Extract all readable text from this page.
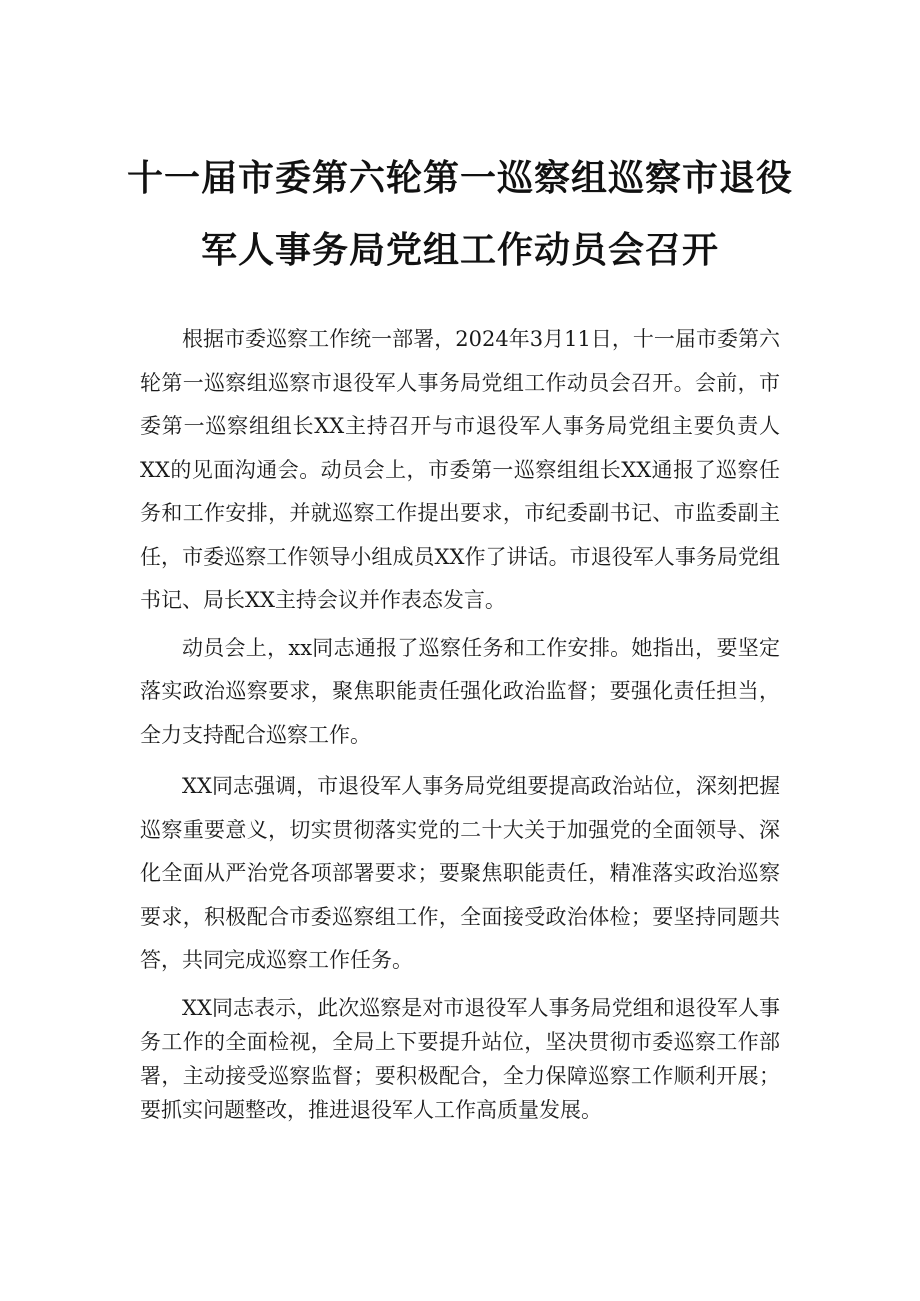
十一届市委第六轮第一巡察组巡察市退役
军人事务局党组工作动员会召开

根据市委巡察工作统一部署，2024年3月11日，十一届市委第六轮第一巡察组巡察市退役军人事务局党组工作动员会召开。会前，市委第一巡察组组长XX主持召开与市退役军人事务局党组主要负责人XX的见面沟通会。动员会上，市委第一巡察组组长XX通报了巡察任务和工作安排，并就巡察工作提出要求，市纪委副书记、市监委副主任，市委巡察工作领导小组成员XX作了讲话。市退役军人事务局党组书记、局长XX主持会议并作表态发言。

动员会上，xx同志通报了巡察任务和工作安排。她指出，要坚定落实政治巡察要求，聚焦职能责任强化政治监督；要强化责任担当，全力支持配合巡察工作。

XX同志强调，市退役军人事务局党组要提高政治站位，深刻把握巡察重要意义，切实贯彻落实党的二十大关于加强党的全面领导、深化全面从严治党各项部署要求；要聚焦职能责任，精准落实政治巡察要求，积极配合市委巡察组工作，全面接受政治体检；要坚持同题共答，共同完成巡察工作任务。

XX同志表示，此次巡察是对市退役军人事务局党组和退役军人事务工作的全面检视，全局上下要提升站位，坚决贯彻市委巡察工作部署，主动接受巡察监督；要积极配合，全力保障巡察工作顺利开展；要抓实问题整改，推进退役军人工作高质量发展。
